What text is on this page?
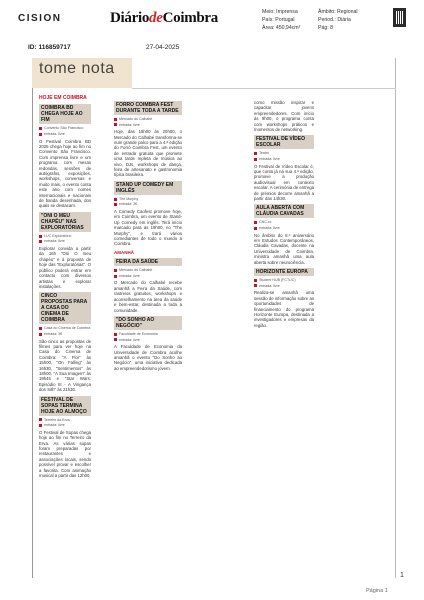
CISION	DiáriodeCoimbra	Meio: Imprensa
País: Portugal
Área: 450,94cm²
Âmbito: Regional
Period.: Diária
Pág: 8
ID: 116859717	27-04-2025
tome nota
HOJE EM COIMBRA
COIMBRA BD CHEGA HOJE AO FIM
Convento São Francisco
entrada: livre
O Festival Coimbra BD 2025 chega hoje ao fim no Convento São Francisco. Com imprensa livre e um programa com mesas redondas, sessões de autógrafos, exposições, workshops, conversas e muito mais, o evento conta este ano com nomes internacionais e nacionais de banda desenhada, dos quais se destacam.
"ONI O MEU CHAPÉU" NAS EXPLORATÓRIAS
LUC Exploratório
entrada: livre
Explorar convida a partir da 16h "Oni O meu chapéu" e à proposta de hoje das "Exploratórias". O público poderá entrar em contacto com diversos artistas e explorar instalações.
CINCO PROPOSTAS PARA A CASA DO CINEMA DE COIMBRA
Casa do Cinema de Coimbra
entrada: 3€
São cinco as propostas de filmes para ver hoje na Casa do Cinema de Coimbra: "A Flor" às 15h00, "On Falling" às 16h30, "Sentimentos" às 18h00, "A Sua Imagem" às 19h45 e "Star Wars: Episódio III - A Vingança dos Sith" às 21h30.
FESTIVAL DE SOPAS TERMINA HOJE AO ALMOÇO
Terreiro da Erva
entrada: livre
O Festival de Sopas chega hoje ao fim no Terreiro da Erva. As várias sopas foram preparadas por restaurantes e associações locais, sendo possível provar e escolher a favorita. Com animação musical a partir das 12h00.
FORRO COIMBRA FEST DURANTE TODA A TARDE
Mercado do Calhabé
entrada: livre
Hoje, das 15h00 às 20h00, o Mercado do Calhabé transforma-se num grande palco para a 4.ª edição do Forró Coimbra Fest, um evento de entrada gratuita que promete uma tarde repleta de música ao vivo, DJs, workshops de dança, feira de artesanato e gastronomia típica brasileira.
STAND UP COMEDY EM INGLÊS
The Murphy
entrada: 3€
A Comedy Caofest promove hoje, em Coimbra, um evento de Stand-Up Comedy em inglês. Terá início marcado para as 19h00, no "The Murphy", e trará vários comediantes de todo o mundo a Coimbra.
AMANHÃ
FEIRA DA SAÚDE
Mercado do Calhabé
entrada: livre
O Mercado do Calhabé recebe amanhã a Feira da Saúde, com rastreios gratuitos, workshops e aconselhamento na área da saúde e bem-estar, destinada a toda a comunidade.
"DO SONHO AO NEGÓCIO"
Faculdade de Economia
entrada: livre
A Faculdade de Economia da Universidade de Coimbra acolhe amanhã o evento "Do Sonho ao Negócio", uma iniciativa dedicada ao empreendedorismo jovem.
como missão inspirar e capacitar jovens empreendedores. Com início às 9h00, o programa conta com workshops práticos e momentos de networking.
FESTIVAL DE VÍDEO ESCOLAR
Teatro
entrada: livre
O Festival de Vídeo Escolar é, que conta já na sua 4.ª edição, promove a produção audiovisual em contexto escolar. A cerimónia de entrega de prémios decorre amanhã a partir das 14h30.
AULA ABERTA COM CLÁUDIA CAVADAS
CNC.cc
entrada: livre
No âmbito do 8.º aniversário em Estudos Contemporâneos, Cláudia Cavadas, docente na Universidade de Coimbra, ministra amanhã uma aula aberta sobre neurociência.
HORIZONTE EUROPA
Student HUB (FCTUC)
entrada: livre
Realiza-se amanhã uma sessão de informação sobre as oportunidades de financiamento do programa Horizonte Europa, destinada a investigadores e empresas da região.
1
Página 1
